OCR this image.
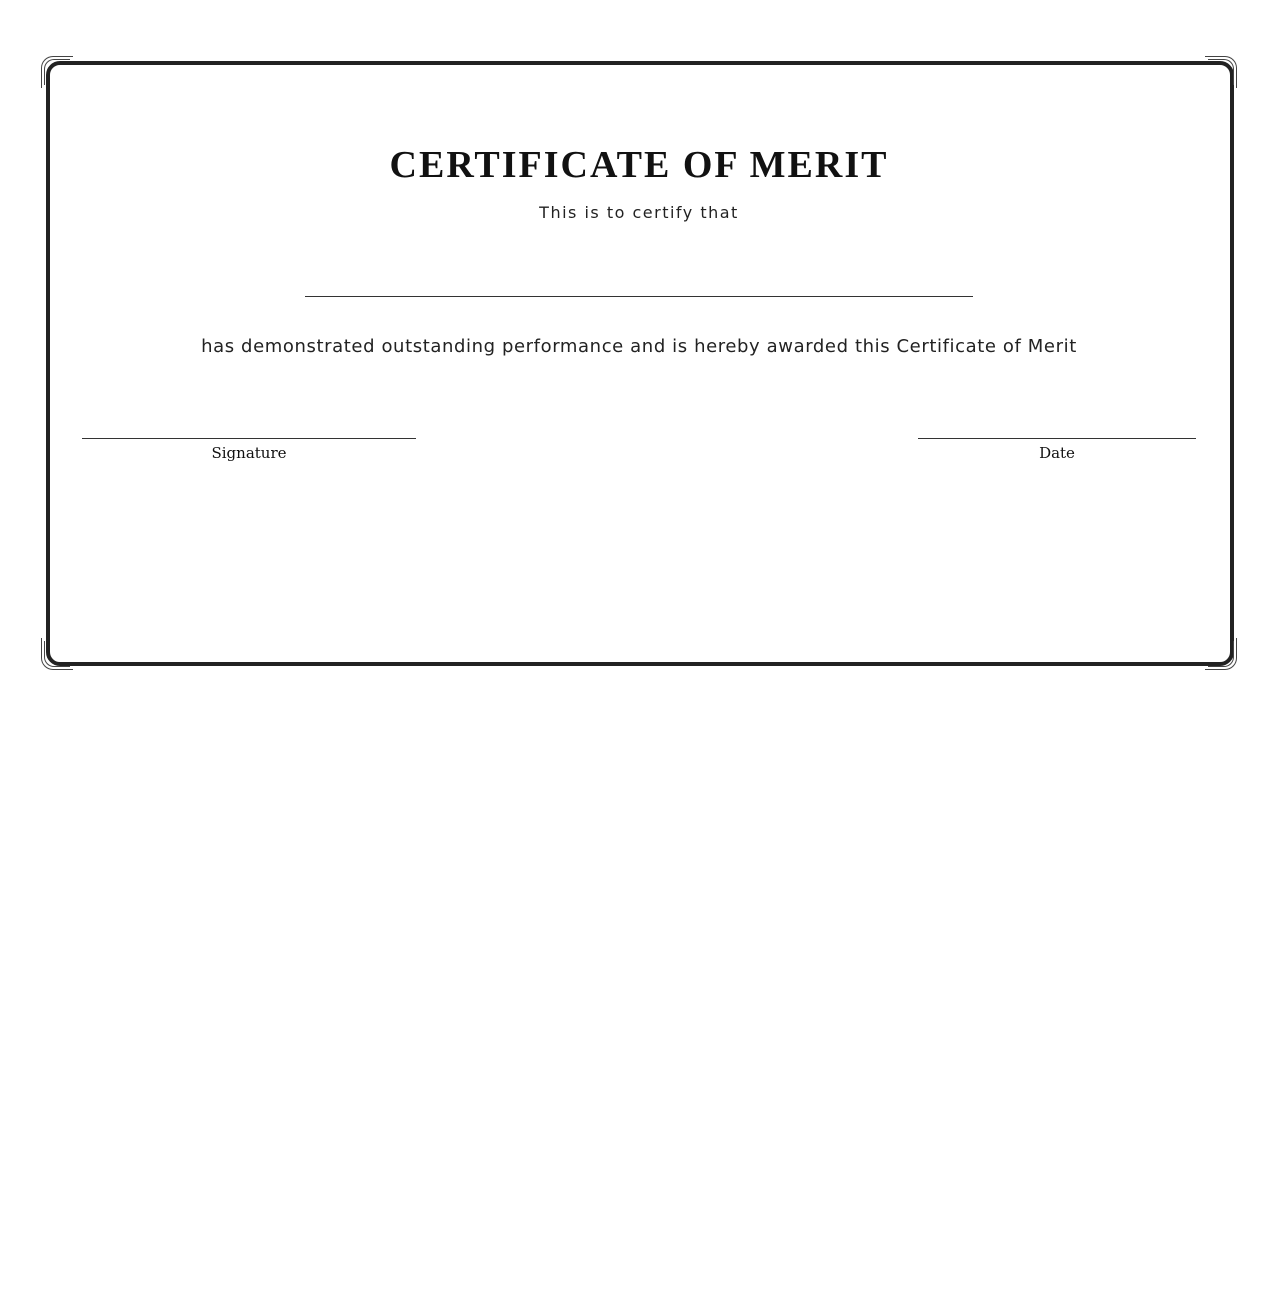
CERTIFICATE OF MERIT
This is to certify that
has demonstrated outstanding performance and is hereby awarded this Certificate of Merit
Signature	Date
